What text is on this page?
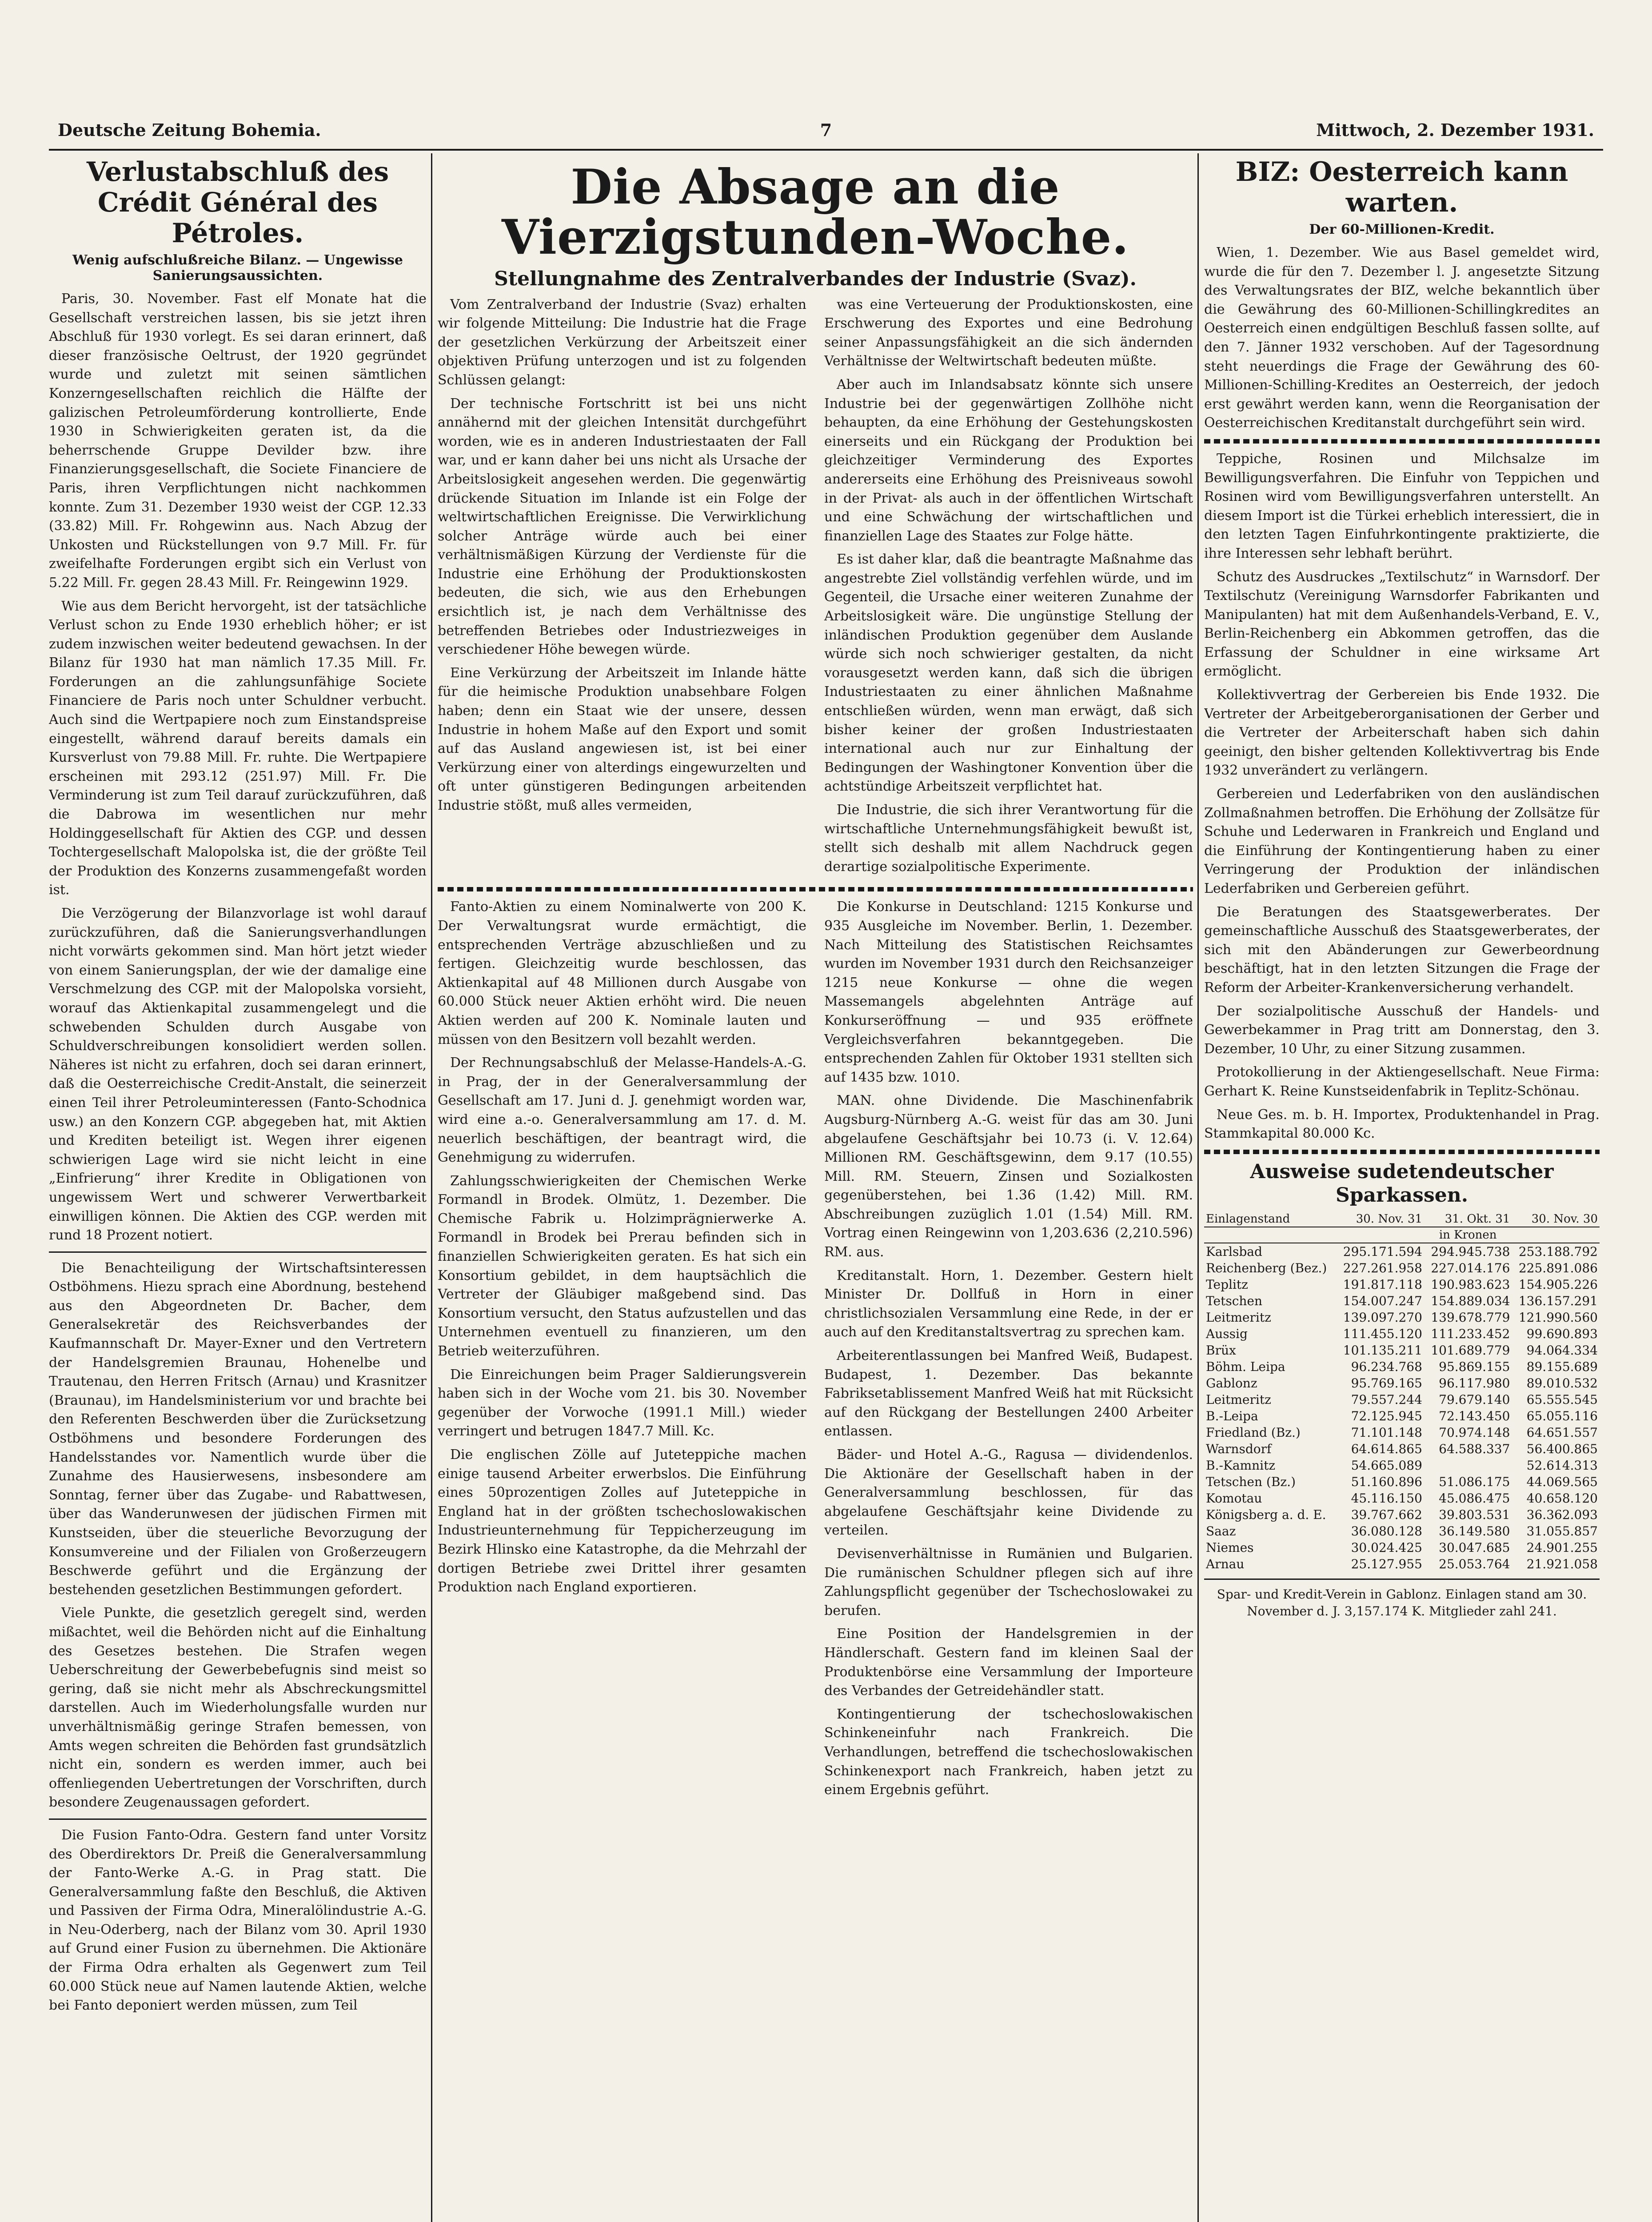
Deutsche Zeitung Bohemia.	7	Mittwoch, 2. Dezember 1931.
Verlustabschluß des Crédit Général des Pétroles.
Wenig aufschlußreiche Bilanz. — Ungewisse Sanierungsaussichten.

Paris, 30. November. Fast elf Monate hat die Gesellschaft verstreichen lassen, bis sie jetzt ihren Abschluß für 1930 vorlegt. Es sei daran erinnert, daß dieser französische Oeltrust, der 1920 gegründet wurde und zuletzt mit seinen sämtlichen Konzerngesellschaften reichlich die Hälfte der galizischen Petroleumförderung kontrollierte, Ende 1930 in Schwierigkeiten geraten ist, da die beherrschende Gruppe Devilder bzw. ihre Finanzierungsgesellschaft, die Societe Financiere de Paris, ihren Verpflichtungen nicht nachkommen konnte. Zum 31. Dezember 1930 weist der CGP. 12.33 (33.82) Mill. Fr. Rohgewinn aus. Nach Abzug der Unkosten und Rückstellungen von 9.7 Mill. Fr. für zweifelhafte Forderungen ergibt sich ein Verlust von 5.22 Mill. Fr. gegen 28.43 Mill. Fr. Reingewinn 1929.

Wie aus dem Bericht hervorgeht, ist der tatsächliche Verlust schon zu Ende 1930 erheblich höher; er ist zudem inzwischen weiter bedeutend gewachsen. In der Bilanz für 1930 hat man nämlich 17.35 Mill. Fr. Forderungen an die zahlungsunfähige Societe Financiere de Paris noch unter Schuldner verbucht. Auch sind die Wertpapiere noch zum Einstandspreise eingestellt, während darauf bereits damals ein Kursverlust von 79.88 Mill. Fr. ruhte. Die Wertpapiere erscheinen mit 293.12 (251.97) Mill. Fr. Die Verminderung ist zum Teil darauf zurückzuführen, daß die Dabrowa im wesentlichen nur mehr Holdinggesellschaft für Aktien des CGP. und dessen Tochtergesellschaft Malopolska ist, die der größte Teil der Produktion des Konzerns zusammengefaßt worden ist.

Die Verzögerung der Bilanzvorlage ist wohl darauf zurückzuführen, daß die Sanierungsverhandlungen nicht vorwärts gekommen sind. Man hört jetzt wieder von einem Sanierungsplan, der wie der damalige eine Verschmelzung des CGP. mit der Malopolska vorsieht, worauf das Aktienkapital zusammengelegt und die schwebenden Schulden durch Ausgabe von Schuldverschreibungen konsolidiert werden sollen. Näheres ist nicht zu erfahren, doch sei daran erinnert, daß die Oesterreichische Credit-Anstalt, die seinerzeit einen Teil ihrer Petroleuminteressen (Fanto-Schodnica usw.) an den Konzern CGP. abgegeben hat, mit Aktien und Krediten beteiligt ist. Wegen ihrer eigenen schwierigen Lage wird sie nicht leicht in eine „Einfrierung“ ihrer Kredite in Obligationen von ungewissem Wert und schwerer Verwertbarkeit einwilligen können. Die Aktien des CGP. werden mit rund 18 Prozent notiert.

Die Benachteiligung der Wirtschaftsinteressen Ostböhmens. Hiezu sprach eine Abordnung, bestehend aus den Abgeordneten Dr. Bacher, dem Generalsekretär des Reichsverbandes der Kaufmannschaft Dr. Mayer-Exner und den Vertretern der Handelsgremien Braunau, Hohenelbe und Trautenau, den Herren Fritsch (Arnau) und Krasnitzer (Braunau), im Handelsministerium vor und brachte bei den Referenten Beschwerden über die Zurücksetzung Ostböhmens und besondere Forderungen des Handelsstandes vor. Namentlich wurde über die Zunahme des Hausierwesens, insbesondere am Sonntag, ferner über das Zugabe- und Rabattwesen, über das Wanderunwesen der jüdischen Firmen mit Kunstseiden, über die steuerliche Bevorzugung der Konsumvereine und der Filialen von Großerzeugern Beschwerde geführt und die Ergänzung der bestehenden gesetzlichen Bestimmungen gefordert.

Viele Punkte, die gesetzlich geregelt sind, werden mißachtet, weil die Behörden nicht auf die Einhaltung des Gesetzes bestehen. Die Strafen wegen Ueberschreitung der Gewerbebefugnis sind meist so gering, daß sie nicht mehr als Abschreckungsmittel darstellen. Auch im Wiederholungsfalle wurden nur unverhältnismäßig geringe Strafen bemessen, von Amts wegen schreiten die Behörden fast grundsätzlich nicht ein, sondern es werden immer, auch bei offenliegenden Uebertretungen der Vorschriften, durch besondere Zeugenaussagen gefordert.

Die Fusion Fanto-Odra. Gestern fand unter Vorsitz des Oberdirektors Dr. Preiß die Generalversammlung der Fanto-Werke A.-G. in Prag statt. Die Generalversammlung faßte den Beschluß, die Aktiven und Passiven der Firma Odra, Mineralölindustrie A.-G. in Neu-Oderberg, nach der Bilanz vom 30. April 1930 auf Grund einer Fusion zu übernehmen. Die Aktionäre der Firma Odra erhalten als Gegenwert zum Teil 60.000 Stück neue auf Namen lautende Aktien, welche bei Fanto deponiert werden müssen, zum Teil

Die Absage an die Vierzigstunden-Woche.
Stellungnahme des Zentralverbandes der Industrie (Svaz).

Vom Zentralverband der Industrie (Svaz) erhalten wir folgende Mitteilung: Die Industrie hat die Frage der gesetzlichen Verkürzung der Arbeitszeit einer objektiven Prüfung unterzogen und ist zu folgenden Schlüssen gelangt:

Der technische Fortschritt ist bei uns nicht annähernd mit der gleichen Intensität durchgeführt worden, wie es in anderen Industriestaaten der Fall war, und er kann daher bei uns nicht als Ursache der Arbeitslosigkeit angesehen werden. Die gegenwärtig drückende Situation im Inlande ist ein Folge der weltwirtschaftlichen Ereignisse. Die Verwirklichung solcher Anträge würde auch bei einer verhältnismäßigen Kürzung der Verdienste für die Industrie eine Erhöhung der Produktionskosten bedeuten, die sich, wie aus den Erhebungen ersichtlich ist, je nach dem Verhältnisse des betreffenden Betriebes oder Industriezweiges in verschiedener Höhe bewegen würde.

Eine Verkürzung der Arbeitszeit im Inlande hätte für die heimische Produktion unabsehbare Folgen haben; denn ein Staat wie der unsere, dessen Industrie in hohem Maße auf den Export und somit auf das Ausland angewiesen ist, ist bei einer Verkürzung einer von alterdings eingewurzelten und oft unter günstigeren Bedingungen arbeitenden Industrie stößt, muß alles vermeiden,

was eine Verteuerung der Produktionskosten, eine Erschwerung des Exportes und eine Bedrohung seiner Anpassungsfähigkeit an die sich ändernden Verhältnisse der Weltwirtschaft bedeuten müßte.

Aber auch im Inlandsabsatz könnte sich unsere Industrie bei der gegenwärtigen Zollhöhe nicht behaupten, da eine Erhöhung der Gestehungskosten einerseits und ein Rückgang der Produktion bei gleichzeitiger Verminderung des Exportes andererseits eine Erhöhung des Preisniveaus sowohl in der Privat- als auch in der öffentlichen Wirtschaft und eine Schwächung der wirtschaftlichen und finanziellen Lage des Staates zur Folge hätte.

Es ist daher klar, daß die beantragte Maßnahme das angestrebte Ziel vollständig verfehlen würde, und im Gegenteil, die Ursache einer weiteren Zunahme der Arbeitslosigkeit wäre. Die ungünstige Stellung der inländischen Produktion gegenüber dem Auslande würde sich noch schwieriger gestalten, da nicht vorausgesetzt werden kann, daß sich die übrigen Industriestaaten zu einer ähnlichen Maßnahme entschließen würden, wenn man erwägt, daß sich bisher keiner der großen Industriestaaten international auch nur zur Einhaltung der Bedingungen der Washingtoner Konvention über die achtstündige Arbeitszeit verpflichtet hat.

Die Industrie, die sich ihrer Verantwortung für die wirtschaftliche Unternehmungsfähigkeit bewußt ist, stellt sich deshalb mit allem Nachdruck gegen derartige sozialpolitische Experimente.

Fanto-Aktien zu einem Nominalwerte von 200 K. Der Verwaltungsrat wurde ermächtigt, die entsprechenden Verträge abzuschließen und zu fertigen. Gleichzeitig wurde beschlossen, das Aktienkapital auf 48 Millionen durch Ausgabe von 60.000 Stück neuer Aktien erhöht wird. Die neuen Aktien werden auf 200 K. Nominale lauten und müssen von den Besitzern voll bezahlt werden.

Der Rechnungsabschluß der Melasse-Handels-A.-G. in Prag, der in der Generalversammlung der Gesellschaft am 17. Juni d. J. genehmigt worden war, wird eine a.-o. Generalversammlung am 17. d. M. neuerlich beschäftigen, der beantragt wird, die Genehmigung zu widerrufen.

Zahlungsschwierigkeiten der Chemischen Werke Formandl in Brodek. Olmütz, 1. Dezember. Die Chemische Fabrik u. Holzimprägnierwerke A. Formandl in Brodek bei Prerau befinden sich in finanziellen Schwierigkeiten geraten. Es hat sich ein Konsortium gebildet, in dem hauptsächlich die Vertreter der Gläubiger maßgebend sind. Das Konsortium versucht, den Status aufzustellen und das Unternehmen eventuell zu finanzieren, um den Betrieb weiterzuführen.

Die Einreichungen beim Prager Saldierungsverein haben sich in der Woche vom 21. bis 30. November gegenüber der Vorwoche (1991.1 Mill.) wieder verringert und betrugen 1847.7 Mill. Kc.

Die englischen Zölle auf Juteteppiche machen einige tausend Arbeiter erwerbslos. Die Einführung eines 50prozentigen Zolles auf Juteteppiche in England hat in der größten tschechoslowakischen Industrieunternehmung für Teppicherzeugung im Bezirk Hlinsko eine Katastrophe, da die Mehrzahl der dortigen Betriebe zwei Drittel ihrer gesamten Produktion nach England exportieren.

Die Konkurse in Deutschland: 1215 Konkurse und 935 Ausgleiche im November. Berlin, 1. Dezember. Nach Mitteilung des Statistischen Reichsamtes wurden im November 1931 durch den Reichsanzeiger 1215 neue Konkurse — ohne die wegen Massemangels abgelehnten Anträge auf Konkurseröffnung — und 935 eröffnete Vergleichsverfahren bekanntgegeben. Die entsprechenden Zahlen für Oktober 1931 stellten sich auf 1435 bzw. 1010.

MAN. ohne Dividende. Die Maschinenfabrik Augsburg-Nürnberg A.-G. weist für das am 30. Juni abgelaufene Geschäftsjahr bei 10.73 (i. V. 12.64) Millionen RM. Geschäftsgewinn, dem 9.17 (10.55) Mill. RM. Steuern, Zinsen und Sozialkosten gegenüberstehen, bei 1.36 (1.42) Mill. RM. Abschreibungen zuzüglich 1.01 (1.54) Mill. RM. Vortrag einen Reingewinn von 1,203.636 (2,210.596) RM. aus.

Kreditanstalt. Horn, 1. Dezember. Gestern hielt Minister Dr. Dollfuß in Horn in einer christlichsozialen Versammlung eine Rede, in der er auch auf den Kreditanstaltsvertrag zu sprechen kam.

Arbeiterentlassungen bei Manfred Weiß, Budapest. Budapest, 1. Dezember. Das bekannte Fabriksetablissement Manfred Weiß hat mit Rücksicht auf den Rückgang der Bestellungen 2400 Arbeiter entlassen.

Bäder- und Hotel A.-G., Ragusa — dividendenlos. Die Aktionäre der Gesellschaft haben in der Generalversammlung beschlossen, für das abgelaufene Geschäftsjahr keine Dividende zu verteilen.

Devisenverhältnisse in Rumänien und Bulgarien. Die rumänischen Schuldner pflegen sich auf ihre Zahlungspflicht gegenüber der Tschechoslowakei zu berufen.

Eine Position der Handelsgremien in der Händlerschaft. Gestern fand im kleinen Saal der Produktenbörse eine Versammlung der Importeure des Verbandes der Getreidehändler statt.

Kontingentierung der tschechoslowakischen Schinkeneinfuhr nach Frankreich. Die Verhandlungen, betreffend die tschechoslowakischen Schinkenexport nach Frankreich, haben jetzt zu einem Ergebnis geführt.

BIZ: Oesterreich kann warten.
Der 60-Millionen-Kredit.

Wien, 1. Dezember. Wie aus Basel gemeldet wird, wurde die für den 7. Dezember l. J. angesetzte Sitzung des Verwaltungsrates der BIZ, welche bekanntlich über die Gewährung des 60-Millionen-Schillingkredites an Oesterreich einen endgültigen Beschluß fassen sollte, auf den 7. Jänner 1932 verschoben. Auf der Tagesordnung steht neuerdings die Frage der Gewährung des 60-Millionen-Schilling-Kredites an Oesterreich, der jedoch erst gewährt werden kann, wenn die Reorganisation der Oesterreichischen Kreditanstalt durchgeführt sein wird.

Teppiche, Rosinen und Milchsalze im Bewilligungsverfahren. Die Einfuhr von Teppichen und Rosinen wird vom Bewilligungsverfahren unterstellt. An diesem Import ist die Türkei erheblich interessiert, die in den letzten Tagen Einfuhrkontingente praktizierte, die ihre Interessen sehr lebhaft berührt.

Schutz des Ausdruckes „Textilschutz“ in Warnsdorf. Der Textilschutz (Vereinigung Warnsdorfer Fabrikanten und Manipulanten) hat mit dem Außenhandels-Verband, E. V., Berlin-Reichenberg ein Abkommen getroffen, das die Erfassung der Schuldner in eine wirksame Art ermöglicht.

Kollektivvertrag der Gerbereien bis Ende 1932. Die Vertreter der Arbeitgeberorganisationen der Gerber und die Vertreter der Arbeiterschaft haben sich dahin geeinigt, den bisher geltenden Kollektivvertrag bis Ende 1932 unverändert zu verlängern.

Gerbereien und Lederfabriken von den ausländischen Zollmaßnahmen betroffen. Die Erhöhung der Zollsätze für Schuhe und Lederwaren in Frankreich und England und die Einführung der Kontingentierung haben zu einer Verringerung der Produktion der inländischen Lederfabriken und Gerbereien geführt.

Die Beratungen des Staatsgewerberates. Der gemeinschaftliche Ausschuß des Staatsgewerberates, der sich mit den Abänderungen zur Gewerbeordnung beschäftigt, hat in den letzten Sitzungen die Frage der Reform der Arbeiter-Krankenversicherung verhandelt.

Der sozialpolitische Ausschuß der Handels- und Gewerbekammer in Prag tritt am Donnerstag, den 3. Dezember, 10 Uhr, zu einer Sitzung zusammen.

Protokollierung in der Aktiengesellschaft. Neue Firma: Gerhart K. Reine Kunstseidenfabrik in Teplitz-Schönau.

Neue Ges. m. b. H. Importex, Produktenhandel in Prag. Stammkapital 80.000 Kc.

Ausweise sudetendeutscher Sparkassen.
Einlagenstand	30. Nov. 31	31. Okt. 31	30. Nov. 30
	in Kronen		
Karlsbad	295.171.594	294.945.738	253.188.792
Reichenberg (Bez.)	227.261.958	227.014.176	225.891.086
Teplitz	191.817.118	190.983.623	154.905.226
Tetschen	154.007.247	154.889.034	136.157.291
Leitmeritz	139.097.270	139.678.779	121.990.560
Aussig	111.455.120	111.233.452	99.690.893
Brüx	101.135.211	101.689.779	94.064.334
Böhm. Leipa	96.234.768	95.869.155	89.155.689
Gablonz	95.769.165	96.117.980	89.010.532
Leitmeritz	79.557.244	79.679.140	65.555.545
B.-Leipa	72.125.945	72.143.450	65.055.116
Friedland (Bz.)	71.101.148	70.974.148	64.651.557
Warnsdorf	64.614.865	64.588.337	56.400.865
B.-Kamnitz	54.665.089		52.614.313
Tetschen (Bz.)	51.160.896	51.086.175	44.069.565
Komotau	45.116.150	45.086.475	40.658.120
Königsberg a. d. E.	39.767.662	39.803.531	36.362.093
Saaz	36.080.128	36.149.580	31.055.857
Niemes	30.024.425	30.047.685	24.901.255
Arnau	25.127.955	25.053.764	21.921.058
Spar- und Kredit-Verein in Gablonz. Einlagen stand am 30. November d. J. 3,157.174 K. Mitglieder zahl 241.
